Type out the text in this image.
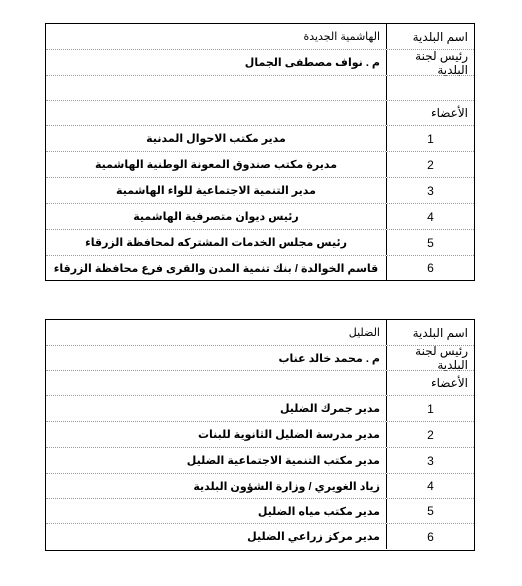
اسم البلدية
الهاشمية الجديدة
رئيس لجنة البلدية
م . نواف مصطفى الجمال
الأعضاء
1
مدير مكتب الاحوال المدنية
2
مديرة مكتب صندوق المعونة الوطنية الهاشمية
3
مدير التنمية الاجتماعية للواء الهاشمية
4
رئيس ديوان متصرفية الهاشمية
5
رئيس مجلس الخدمات المشتركه لمحافظة الزرقاء
6
قاسم الخوالدة / بنك تنمية المدن والقرى فرع محافظة الزرقاء
اسم البلدية
الضليل
رئيس لجنة البلدية
م . محمد خالد عناب
الأعضاء
1
مدير جمرك الضليل
2
مدير مدرسة الضليل الثانوية للبنات
3
مدير مكتب التنمية الاجتماعية الضليل
4
زياد الغويري / وزارة الشؤون البلدية
5
مدير مكتب مياه الضليل
6
مدير مركز زراعي الضليل
